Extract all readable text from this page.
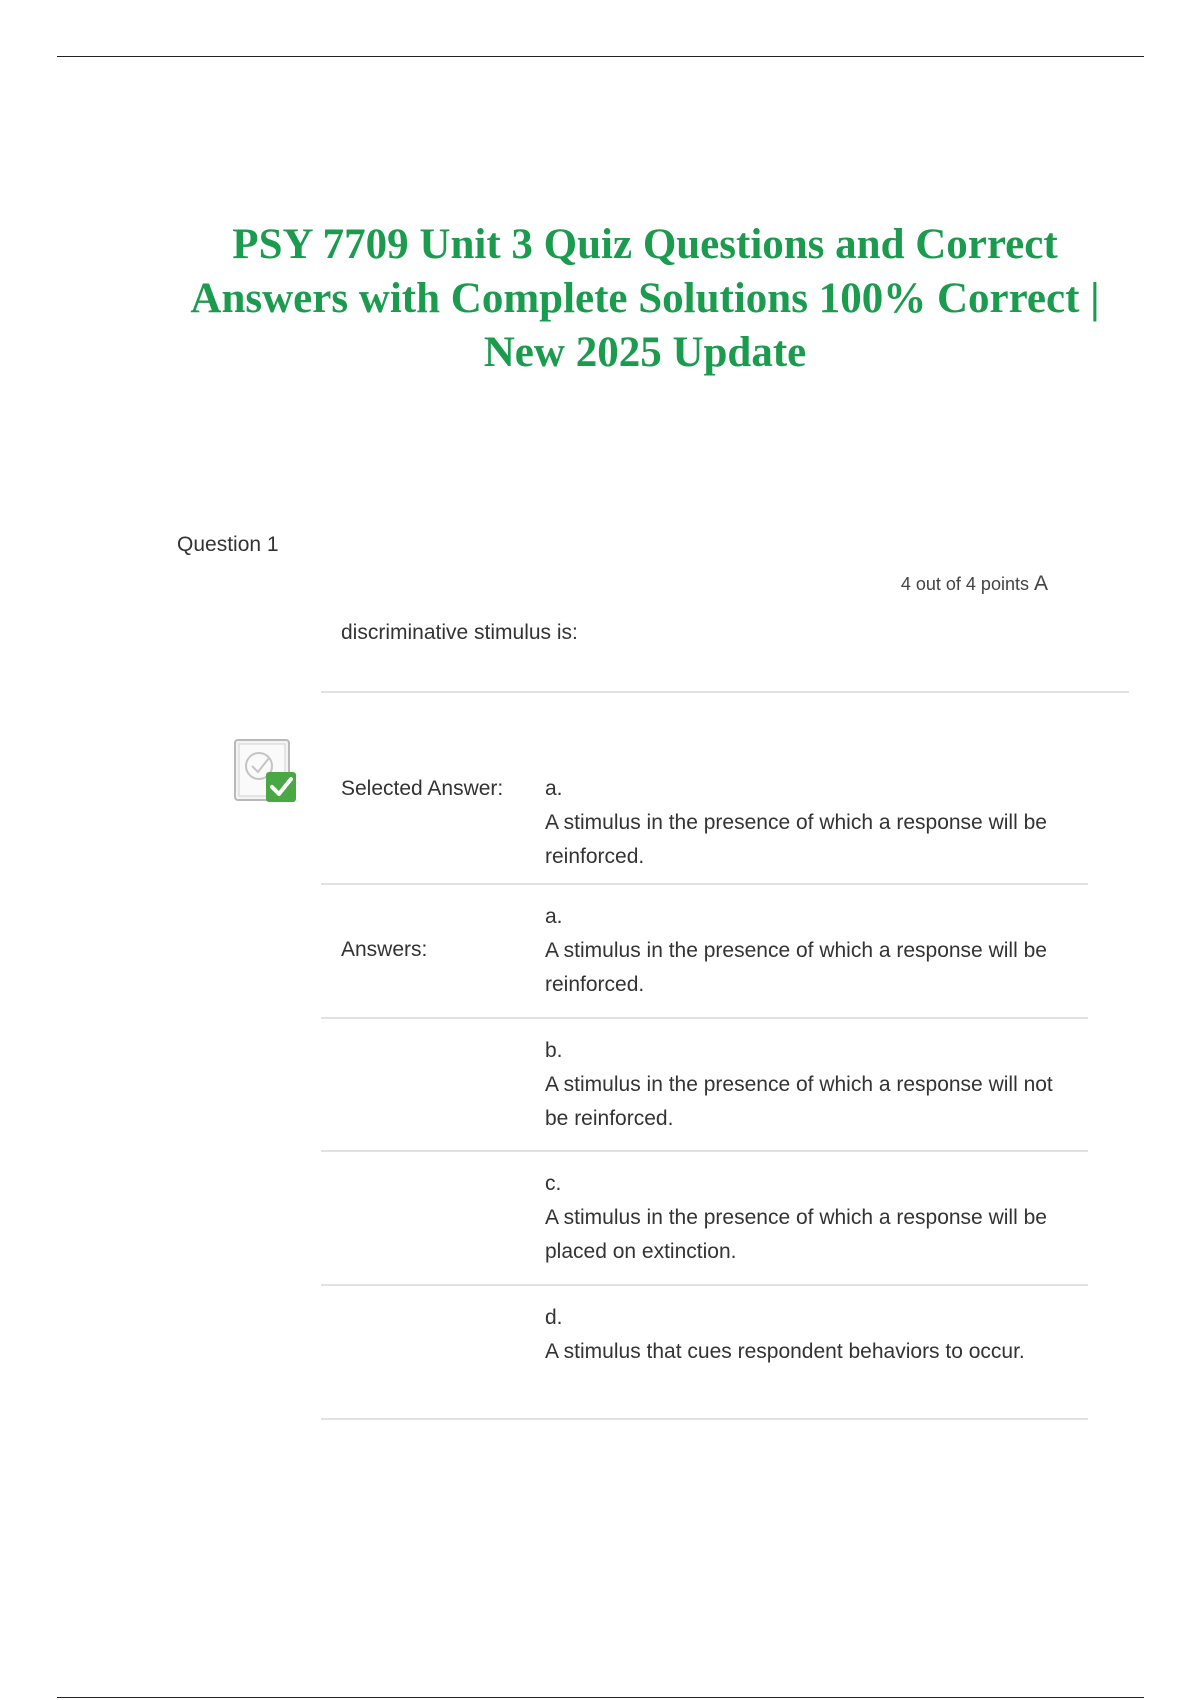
PSY 7709 Unit 3 Quiz Questions and Correct
Answers with Complete Solutions 100% Correct |
New 2025 Update
Question 1
4 out of 4 points A
discriminative stimulus is:
Selected Answer: a.
A stimulus in the presence of which a response will be reinforced.
Answers:
a.
A stimulus in the presence of which a response will be reinforced.
b.
A stimulus in the presence of which a response will not be reinforced.
c.
A stimulus in the presence of which a response will be placed on extinction.
d.
A stimulus that cues respondent behaviors to occur.
